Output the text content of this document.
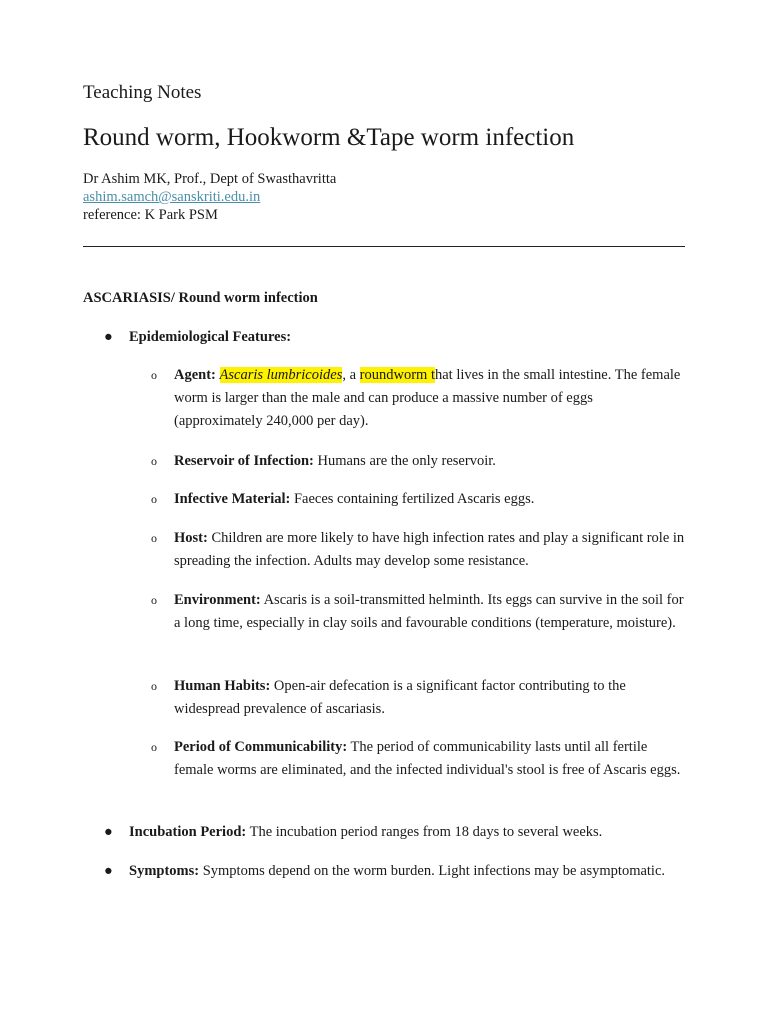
Teaching Notes
Round worm, Hookworm &Tape worm infection
Dr Ashim MK, Prof., Dept of Swasthavritta
ashim.samch@sanskriti.edu.in
reference: K Park PSM
ASCARIASIS/ Round worm infection
● Epidemiological Features:
o Agent: Ascaris lumbricoides, a roundworm that lives in the small intestine. The female worm is larger than the male and can produce a massive number of eggs (approximately 240,000 per day).
o Reservoir of Infection: Humans are the only reservoir.
o Infective Material: Faeces containing fertilized Ascaris eggs.
o Host: Children are more likely to have high infection rates and play a significant role in spreading the infection. Adults may develop some resistance.
o Environment: Ascaris is a soil-transmitted helminth. Its eggs can survive in the soil for a long time, especially in clay soils and favourable conditions (temperature, moisture).
o Human Habits: Open-air defecation is a significant factor contributing to the widespread prevalence of ascariasis.
o Period of Communicability: The period of communicability lasts until all fertile female worms are eliminated, and the infected individual's stool is free of Ascaris eggs.
● Incubation Period: The incubation period ranges from 18 days to several weeks.
● Symptoms: Symptoms depend on the worm burden. Light infections may be asymptomatic.
